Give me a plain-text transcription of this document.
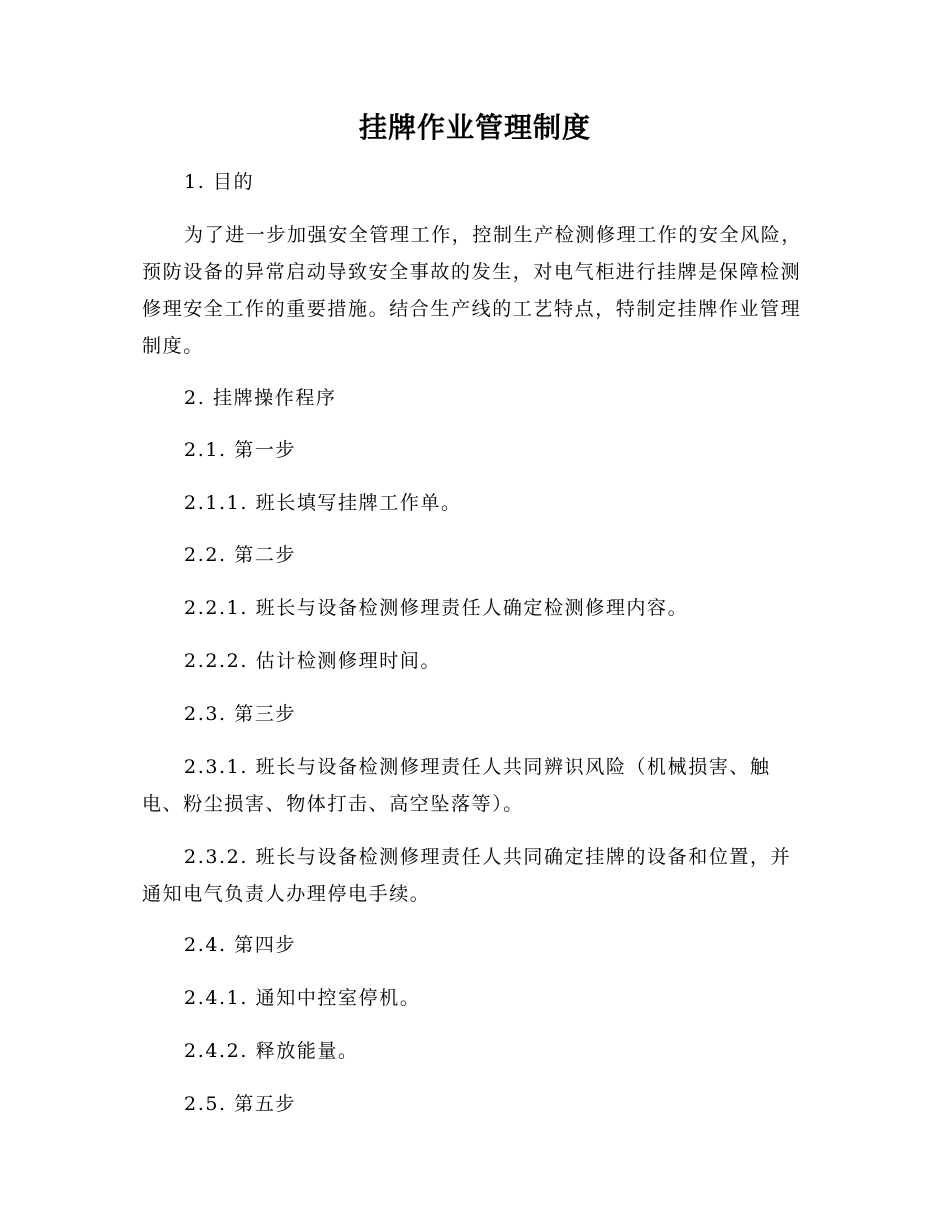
挂牌作业管理制度

1. 目的

为了进一步加强安全管理工作，控制生产检测修理工作的安全风险，预防设备的异常启动导致安全事故的发生，对电气柜进行挂牌是保障检测修理安全工作的重要措施。结合生产线的工艺特点，特制定挂牌作业管理制度。

2. 挂牌操作程序

2.1. 第一步

2.1.1. 班长填写挂牌工作单。

2.2. 第二步

2.2.1. 班长与设备检测修理责任人确定检测修理内容。

2.2.2. 估计检测修理时间。

2.3. 第三步

2.3.1. 班长与设备检测修理责任人共同辨识风险（机械损害、触电、粉尘损害、物体打击、高空坠落等）。

2.3.2. 班长与设备检测修理责任人共同确定挂牌的设备和位置，并通知电气负责人办理停电手续。

2.4. 第四步

2.4.1. 通知中控室停机。

2.4.2. 释放能量。

2.5. 第五步
